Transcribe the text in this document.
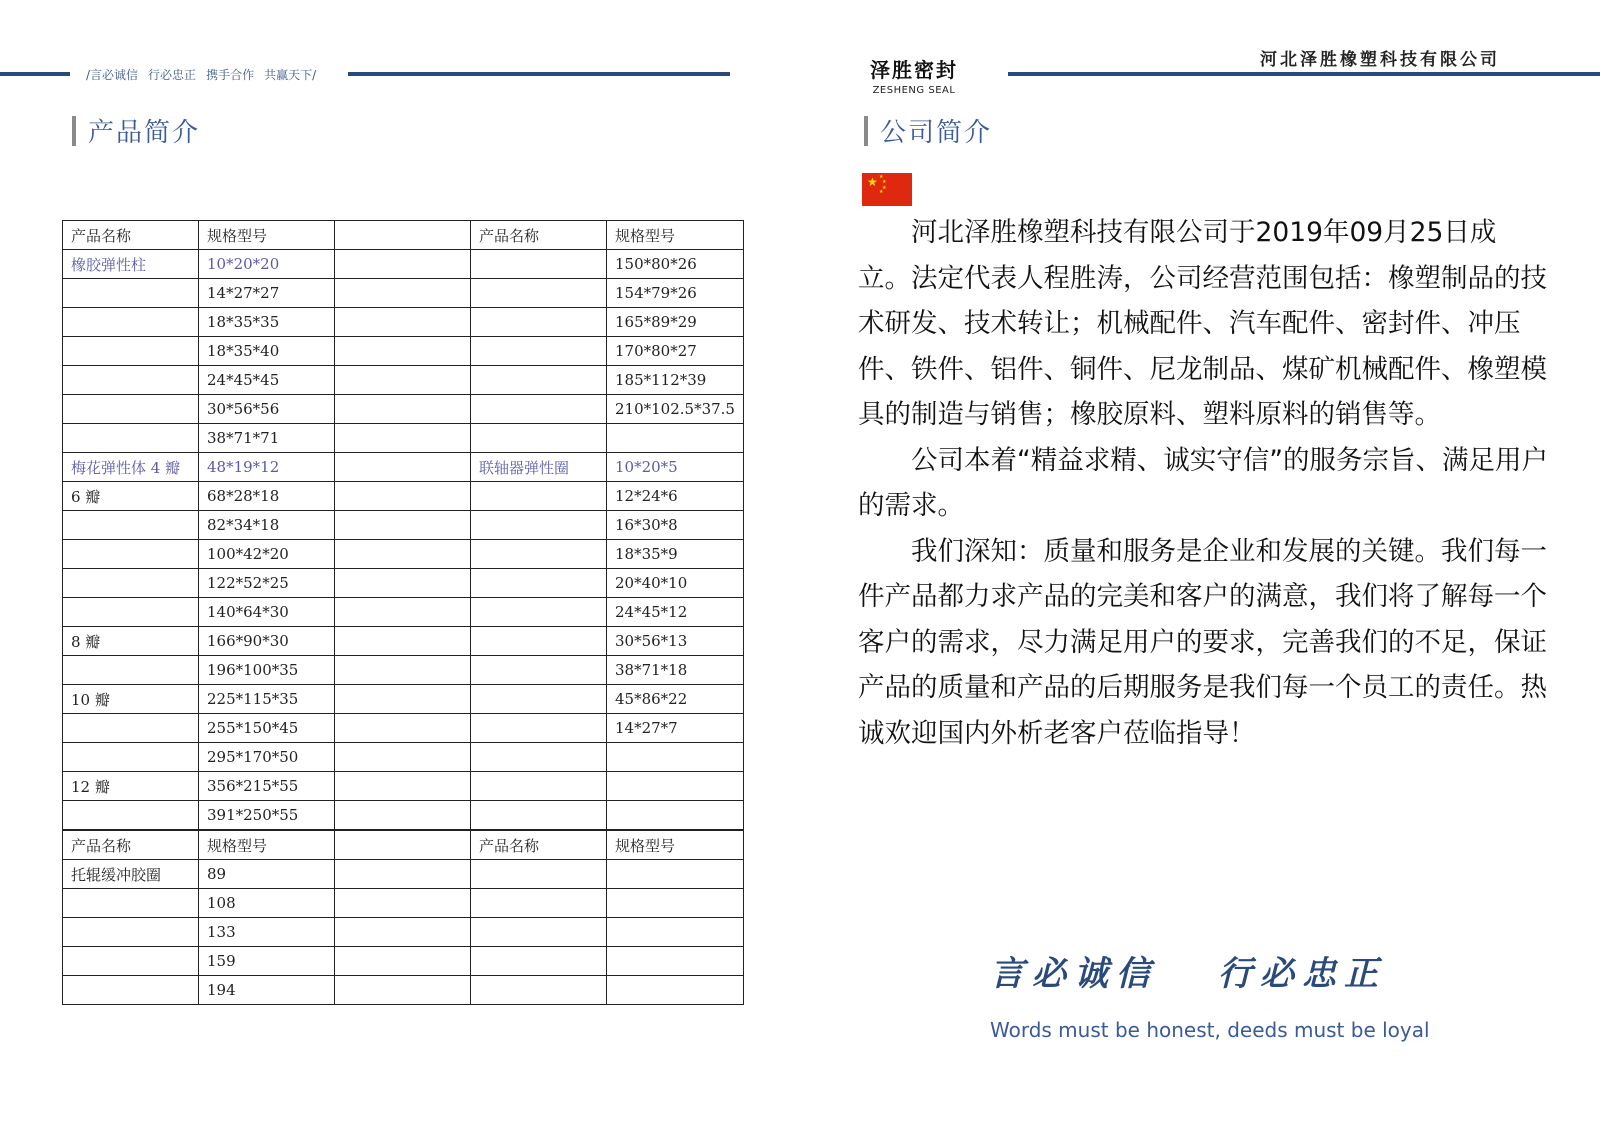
/言必诚信 行必忠正 携手合作 共赢天下/
产品简介
产品名称	规格型号		产品名称	规格型号
橡胶弹性柱	10*20*20			150*80*26
	14*27*27			154*79*26
	18*35*35			165*89*29
	18*35*40			170*80*27
	24*45*45			185*112*39
	30*56*56			210*102.5*37.5
	38*71*71			
梅花弹性体 4 瓣	48*19*12		联轴器弹性圈	10*20*5
6 瓣	68*28*18			12*24*6
	82*34*18			16*30*8
	100*42*20			18*35*9
	122*52*25			20*40*10
	140*64*30			24*45*12
8 瓣	166*90*30			30*56*13
	196*100*35			38*71*18
10 瓣	225*115*35			45*86*22
	255*150*45			14*27*7
	295*170*50			
12 瓣	356*215*55			
	391*250*55			
产品名称	规格型号		产品名称	规格型号
托辊缓冲胶圈	89			
	108			
	133			
	159			
	194			
泽胜密封
ZESHENG SEAL
河北泽胜橡塑科技有限公司
公司简介
★ ★
★
★
★

河北泽胜橡塑科技有限公司于2019年09月25日成立。法定代表人程胜涛，公司经营范围包括：橡塑制品的技术研发、技术转让；机械配件、汽车配件、密封件、冲压件、铁件、铝件、铜件、尼龙制品、煤矿机械配件、橡塑模具的制造与销售；橡胶原料、塑料原料的销售等。

公司本着“精益求精、诚实守信”的服务宗旨、满足用户的需求。

我们深知：质量和服务是企业和发展的关键。我们每一件产品都力求产品的完美和客户的满意，我们将了解每一个客户的需求，尽力满足用户的要求，完善我们的不足，保证产品的质量和产品的后期服务是我们每一个员工的责任。热诚欢迎国内外析老客户莅临指导！

言必诚信 行必忠正
Words must be honest, deeds must be loyal
